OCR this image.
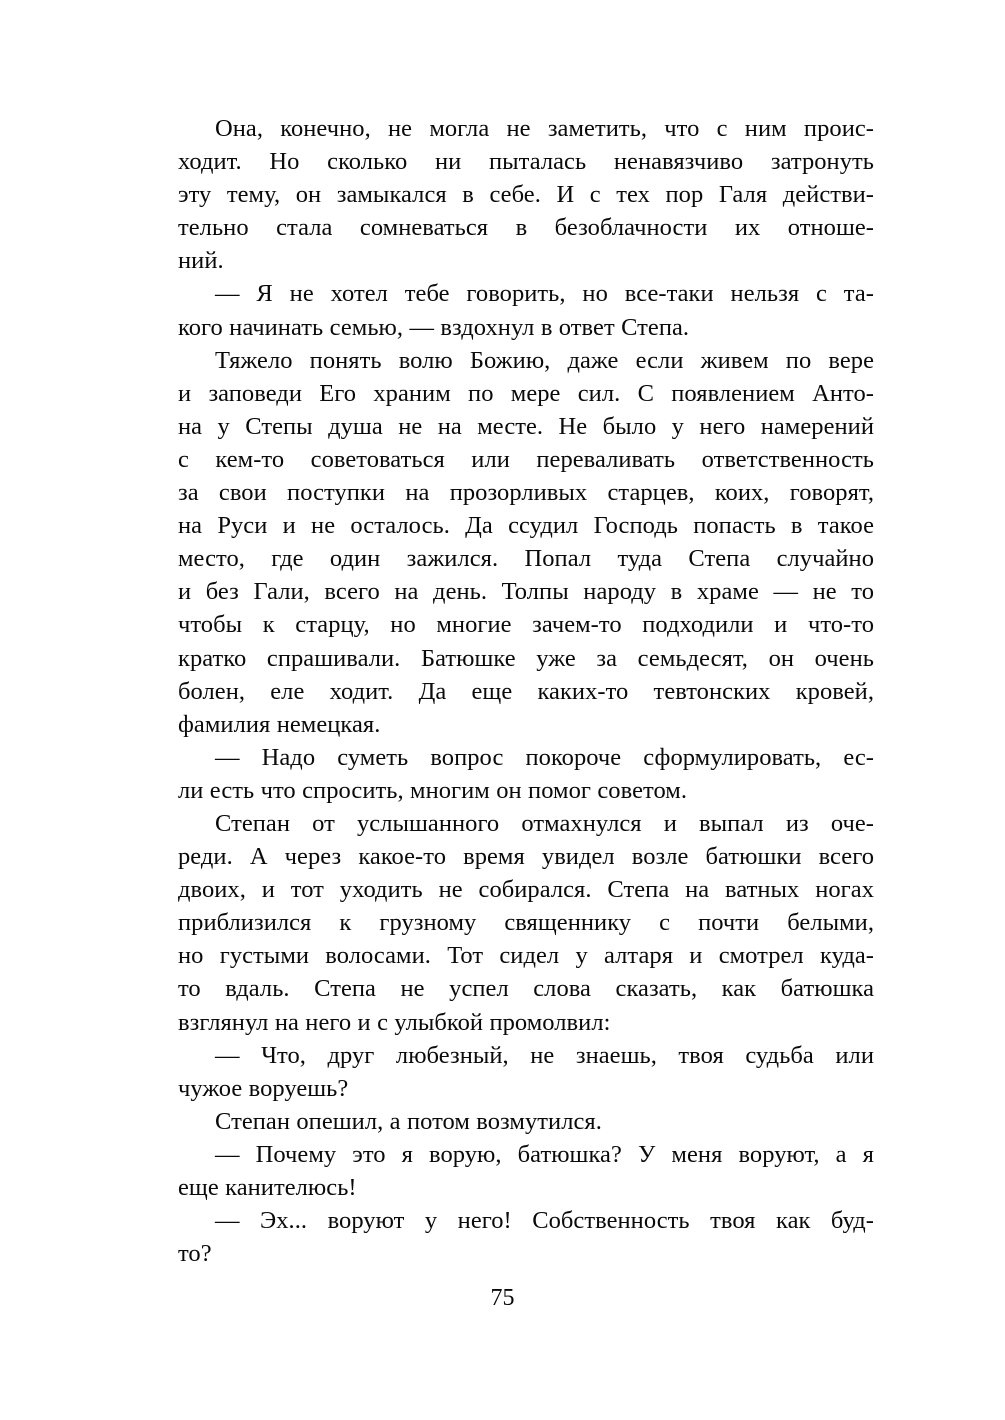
Она, конечно, не могла не заметить, что с ним проис-
ходит. Но сколько ни пыталась ненавязчиво затронуть
эту тему, он замыкался в себе. И с тех пор Галя действи-
тельно стала сомневаться в безоблачности их отноше-
ний.

— Я не хотел тебе говорить, но все‑таки нельзя с та-
кого начинать семью, — вздохнул в ответ Степа.

Тяжело понять волю Божию, даже если живем по вере
и заповеди Его храним по мере сил. С появлением Анто-
на у Степы душа не на месте. Не было у него намерений
с кем‑то советоваться или переваливать ответственность
за свои поступки на прозорливых старцев, коих, говорят,
на Руси и не осталось. Да ссудил Господь попасть в такое
место, где один зажился. Попал туда Степа случайно
и без Гали, всего на день. Толпы народу в храме — не то
чтобы к старцу, но многие зачем‑то подходили и что‑то
кратко спрашивали. Батюшке уже за семьдесят, он очень
болен, еле ходит. Да еще каких‑то тевтонских кровей,
фамилия немецкая.

— Надо суметь вопрос покороче сформулировать, ес-
ли есть что спросить, многим он помог советом.

Степан от услышанного отмахнулся и выпал из оче-
реди. А через какое‑то время увидел возле батюшки всего
двоих, и тот уходить не собирался. Степа на ватных ногах
приблизился к грузному священнику с почти белыми,
но густыми волосами. Тот сидел у алтаря и смотрел куда‑
то вдаль. Степа не успел слова сказать, как батюшка
взглянул на него и с улыбкой промолвил:

— Что, друг любезный, не знаешь, твоя судьба или
чужое воруешь?

Степан опешил, а потом возмутился.

— Почему это я ворую, батюшка? У меня воруют, а я
еще канителюсь!

— Эх... воруют у него! Собственность твоя как буд-
то?

75
